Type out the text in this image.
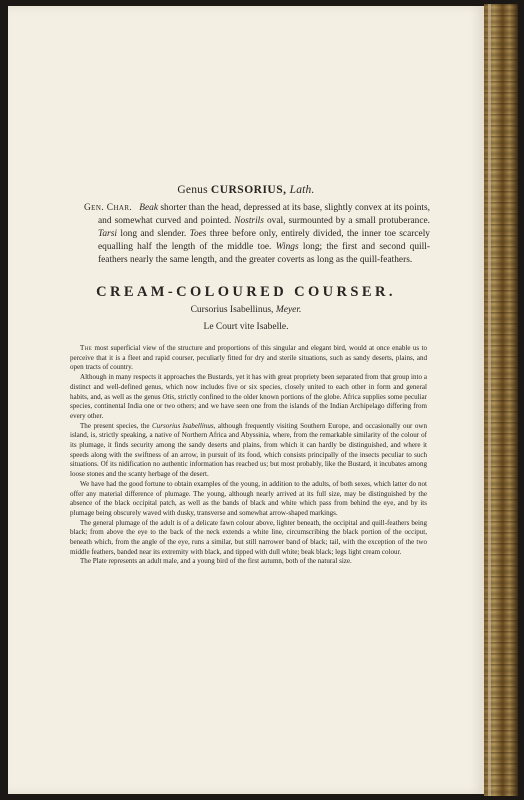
Genus CURSORIUS, Lath.

Gen. Char. Beak shorter than the head, depressed at its base, slightly convex at its points, and somewhat curved and pointed. Nostrils oval, surmounted by a small protuberance. Tarsi long and slender. Toes three before only, entirely divided, the inner toe scarcely equalling half the length of the middle toe. Wings long; the first and second quill-feathers nearly the same length, and the greater coverts as long as the quill-feathers.

CREAM-COLOURED COURSER.
Cursorius Isabellinus, Meyer.
Le Court vite Isabelle.

The most superficial view of the structure and proportions of this singular and elegant bird, would at once enable us to perceive that it is a fleet and rapid courser, peculiarly fitted for dry and sterile situations, such as sandy deserts, plains, and open tracts of country.

Although in many respects it approaches the Bustards, yet it has with great propriety been separated from that group into a distinct and well-defined genus, which now includes five or six species, closely united to each other in form and general habits, and, as well as the genus Otis, strictly confined to the older known portions of the globe. Africa supplies some peculiar species, continental India one or two others; and we have seen one from the islands of the Indian Archipelago differing from every other.

The present species, the Cursorius Isabellinus, although frequently visiting Southern Europe, and occasionally our own island, is, strictly speaking, a native of Northern Africa and Abyssinia, where, from the remarkable similarity of the colour of its plumage, it finds security among the sandy deserts and plains, from which it can hardly be distinguished, and where it speeds along with the swiftness of an arrow, in pursuit of its food, which consists principally of the insects peculiar to such situations. Of its nidification no authentic information has reached us; but most probably, like the Bustard, it incubates among loose stones and the scanty herbage of the desert.

We have had the good fortune to obtain examples of the young, in addition to the adults, of both sexes, which latter do not offer any material difference of plumage. The young, although nearly arrived at its full size, may be distinguished by the absence of the black occipital patch, as well as the bands of black and white which pass from behind the eye, and by its plumage being obscurely waved with dusky, transverse and somewhat arrow-shaped markings.

The general plumage of the adult is of a delicate fawn colour above, lighter beneath, the occipital and quill-feathers being black; from above the eye to the back of the neck extends a white line, circumscribing the black portion of the occiput, beneath which, from the angle of the eye, runs a similar, but still narrower band of black; tail, with the exception of the two middle feathers, banded near its extremity with black, and tipped with dull white; beak black; legs light cream colour.

The Plate represents an adult male, and a young bird of the first autumn, both of the natural size.
